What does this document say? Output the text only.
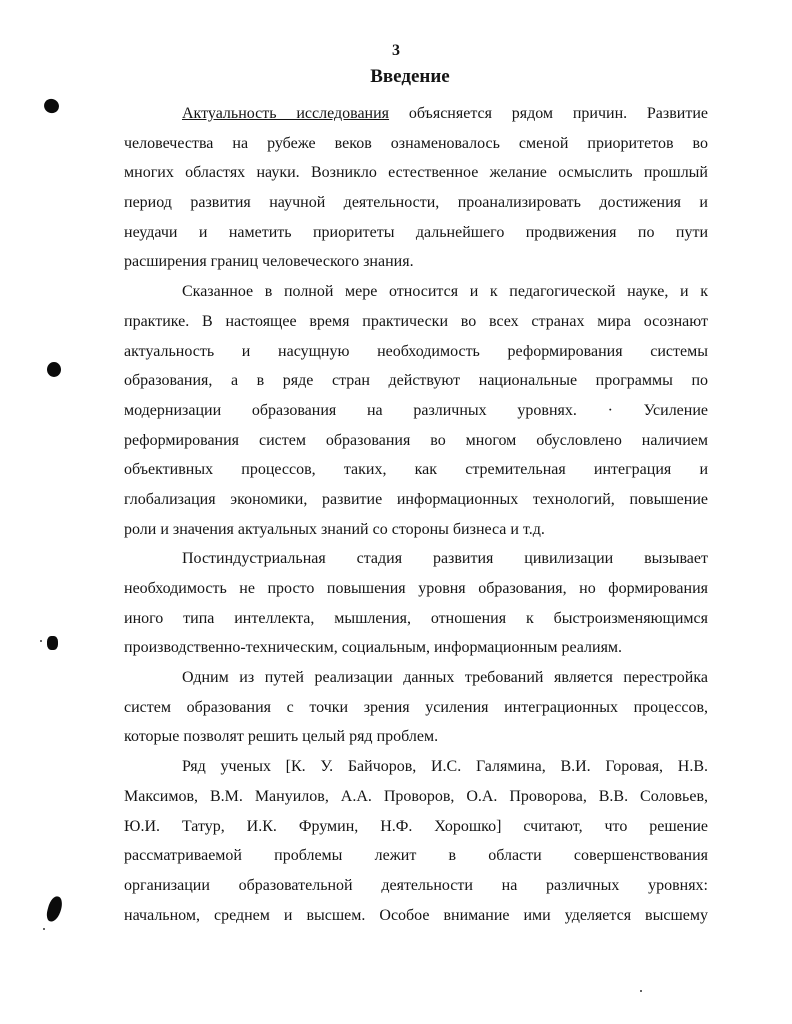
3
Введение
Актуальность исследования объясняется рядом причин. Развитие
человечества на рубеже веков ознаменовалось сменой приоритетов во
многих областях науки. Возникло естественное желание осмыслить прошлый
период развития научной деятельности, проанализировать достижения и
неудачи и наметить приоритеты дальнейшего продвижения по пути
расширения границ человеческого знания.
Сказанное в полной мере относится и к педагогической науке, и к
практике. В настоящее время практически во всех странах мира осознают
актуальность и насущную необходимость реформирования системы
образования, а в ряде стран действуют национальные программы по
модернизации образования на различных уровнях. · Усиление
реформирования систем образования во многом обусловлено наличием
объективных процессов, таких, как стремительная интеграция и
глобализация экономики, развитие информационных технологий, повышение
роли и значения актуальных знаний со стороны бизнеса и т.д.
Постиндустриальная стадия развития цивилизации вызывает
необходимость не просто повышения уровня образования, но формирования
иного типа интеллекта, мышления, отношения к быстроизменяющимся
производственно-техническим, социальным, информационным реалиям.
Одним из путей реализации данных требований является перестройка
систем образования с точки зрения усиления интеграционных процессов,
которые позволят решить целый ряд проблем.
Ряд ученых [К. У. Байчоров, И.С. Галямина, В.И. Горовая, Н.В.
Максимов, В.М. Мануилов, А.А. Проворов, О.А. Проворова, В.В. Соловьев,
Ю.И. Татур, И.К. Фрумин, Н.Ф. Хорошко] считают, что решение
рассматриваемой проблемы лежит в области совершенствования
организации образовательной деятельности на различных уровнях:
начальном, среднем и высшем. Особое внимание ими уделяется высшему
